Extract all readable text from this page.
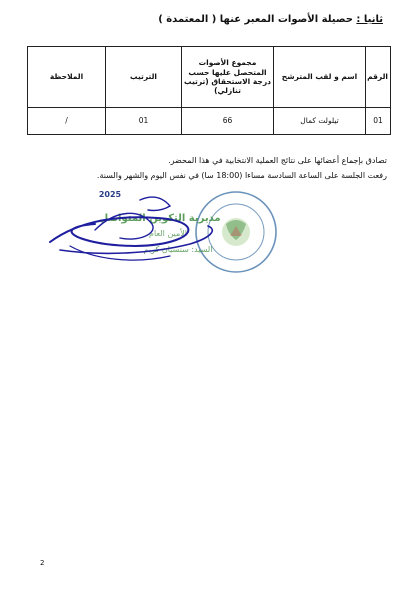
ثانيا : حصيلة الأصوات المعبر عنها ( المعتمدة )
الرقم	اسم و لقب المترشح	مجموع الأصوات المتحصل عليها حسب درجة الاستحقاق (ترتيب تنازلي)	الترتيب	الملاحظة
01	تيلولت كمال	66	01	/
تصادق بإجماع أعضائها على نتائج العملية الانتخابية في هذا المحضر.
رفعت الجلسة على الساعة السادسة مساءا (18:00 سا) في نفس اليوم والشهر والسنة.
2025
مديرية التكوين المتواصل
الأمين العام
السيد: سنسيان كريم
2
